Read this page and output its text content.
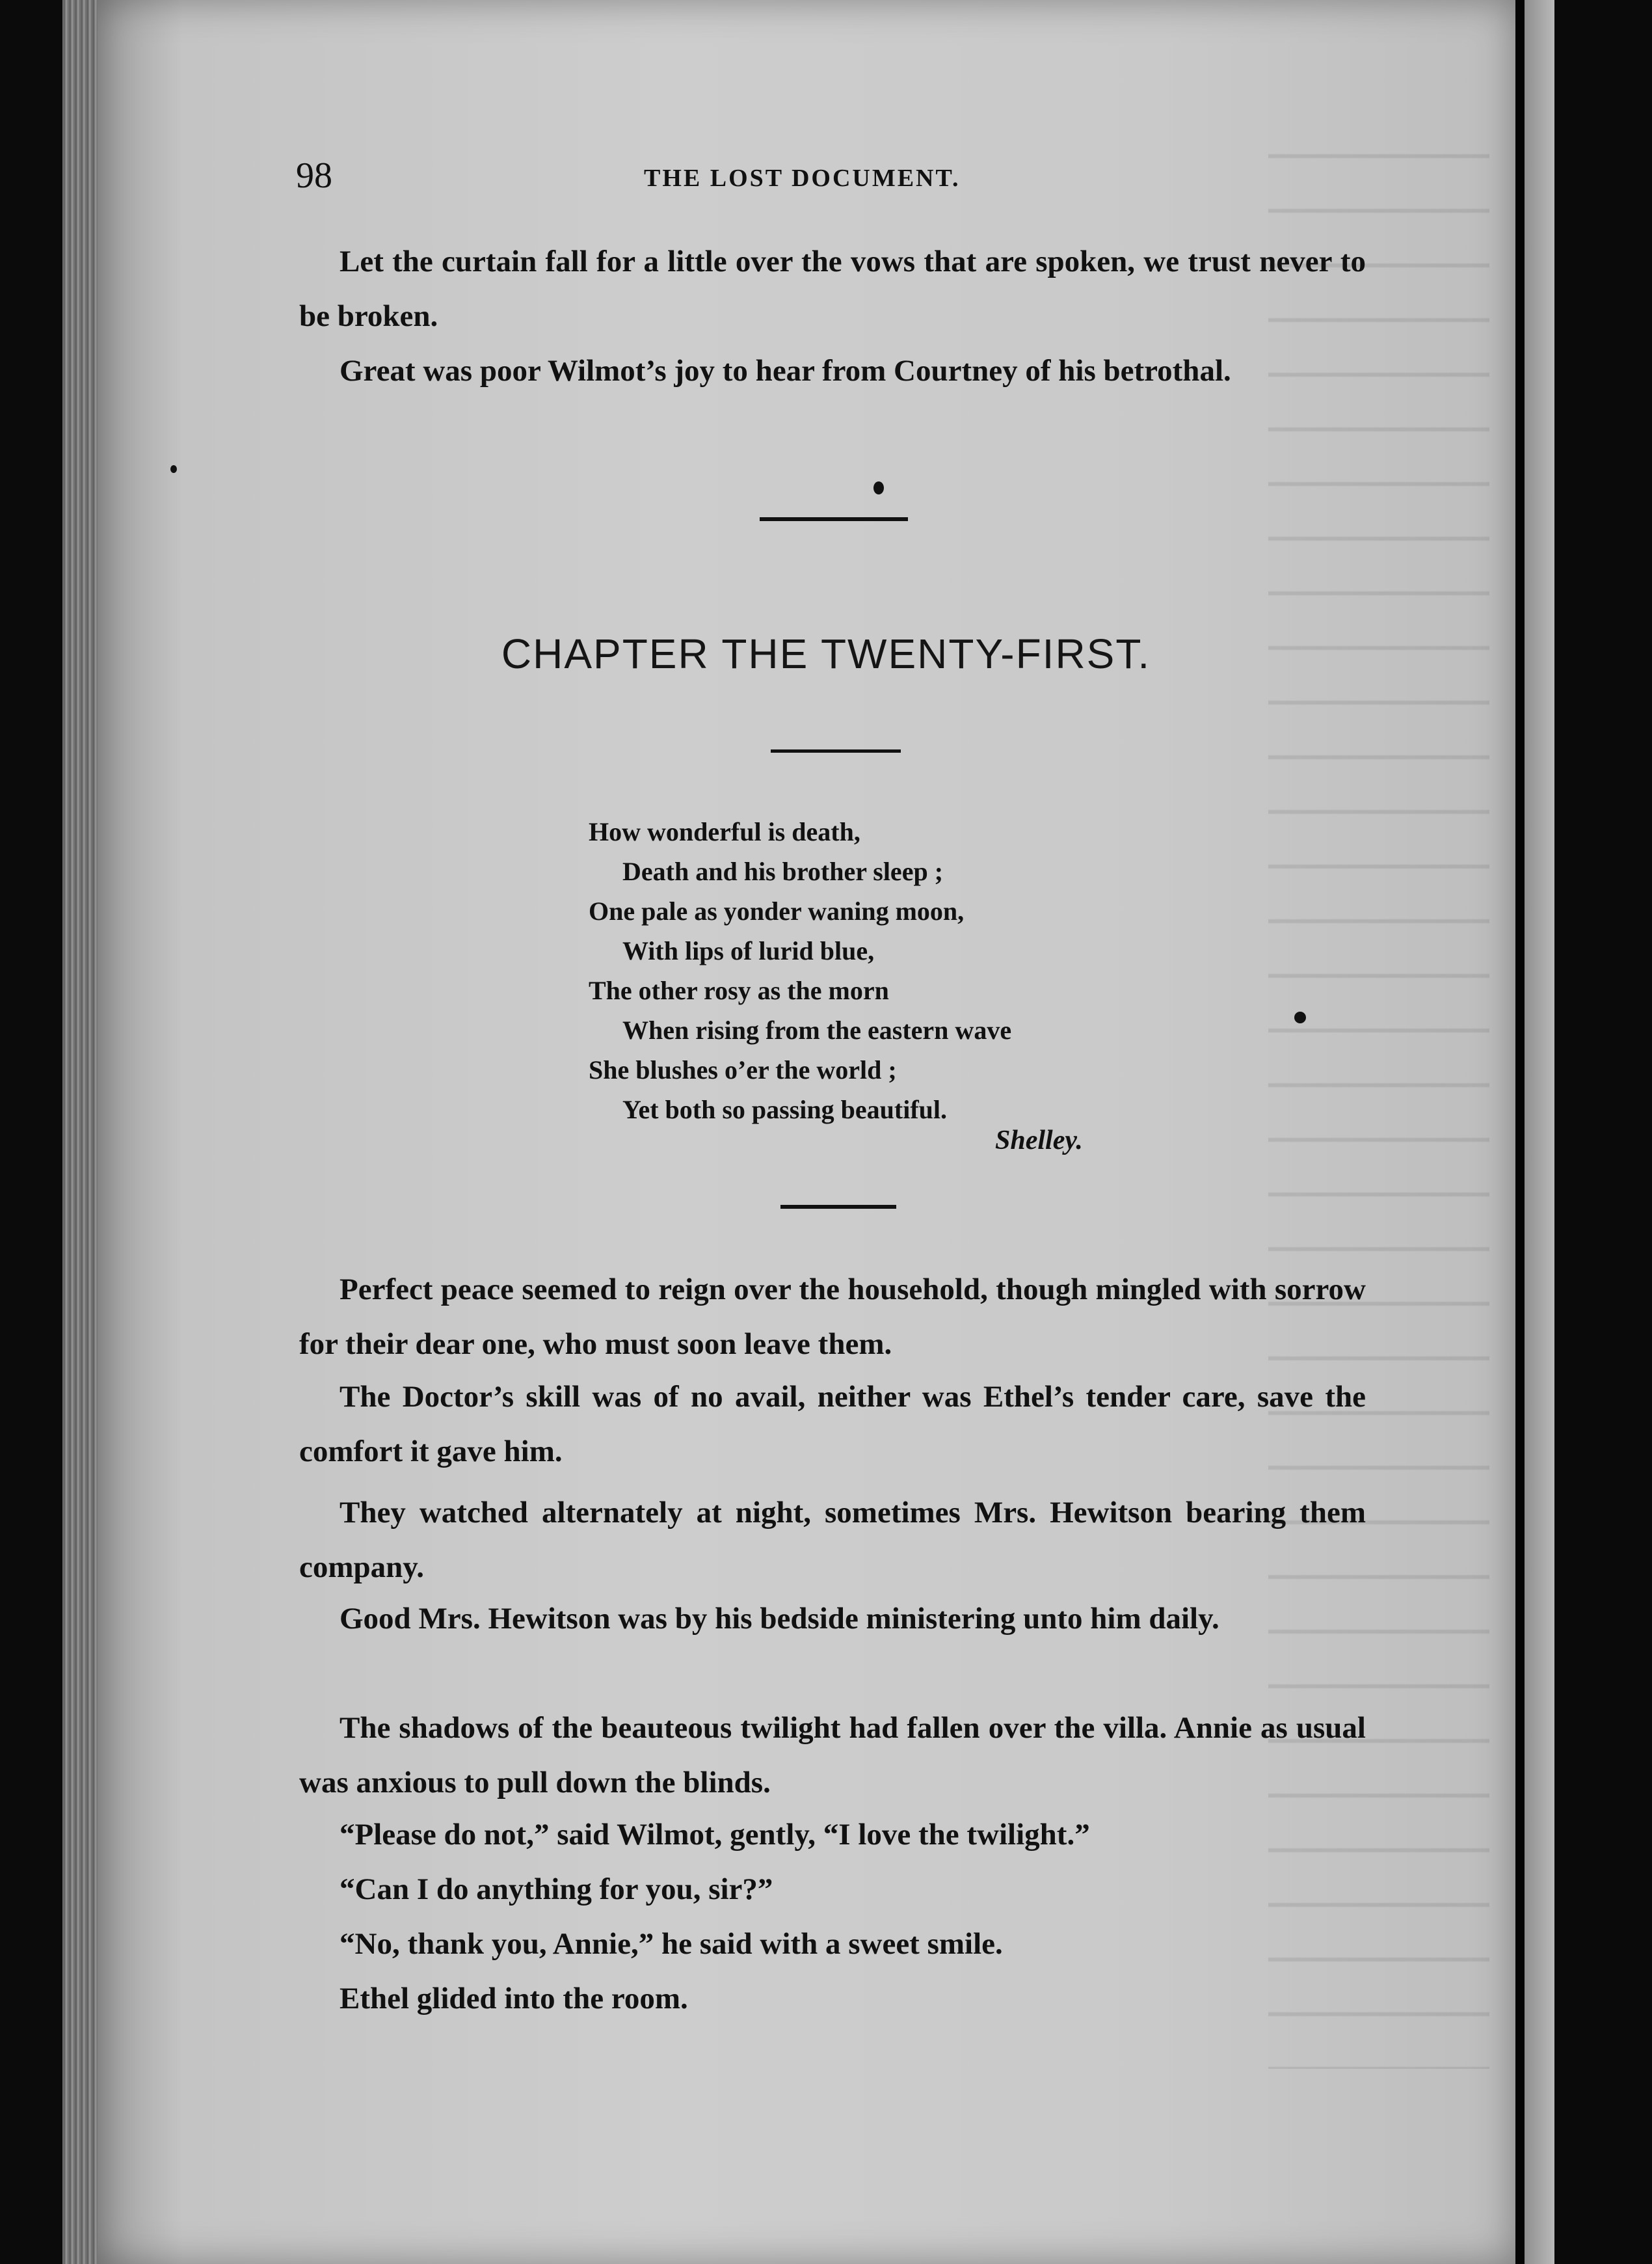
98	THE LOST DOCUMENT.

Let the curtain fall for a little over the vows that are spoken, we trust never to be broken.

Great was poor Wilmot’s joy to hear from Courtney of his betrothal.

CHAPTER THE TWENTY-FIRST.
How wonderful is death,
Death and his brother sleep ;
One pale as yonder waning moon,
With lips of lurid blue,
The other rosy as the morn
When rising from the eastern wave
She blushes o’er the world ;
Yet both so passing beautiful.
Shelley.

Perfect peace seemed to reign over the household, though mingled with sorrow for their dear one, who must soon leave them.

The Doctor’s skill was of no avail, neither was Ethel’s tender care, save the comfort it gave him.

They watched alternately at night, sometimes Mrs. Hewitson bearing them company.

Good Mrs. Hewitson was by his bedside ministering unto him daily.

The shadows of the beauteous twilight had fallen over the villa. Annie as usual was anxious to pull down the blinds.

“Please do not,” said Wilmot, gently, “I love the twilight.”

“Can I do anything for you, sir?”

“No, thank you, Annie,” he said with a sweet smile.

Ethel glided into the room.
